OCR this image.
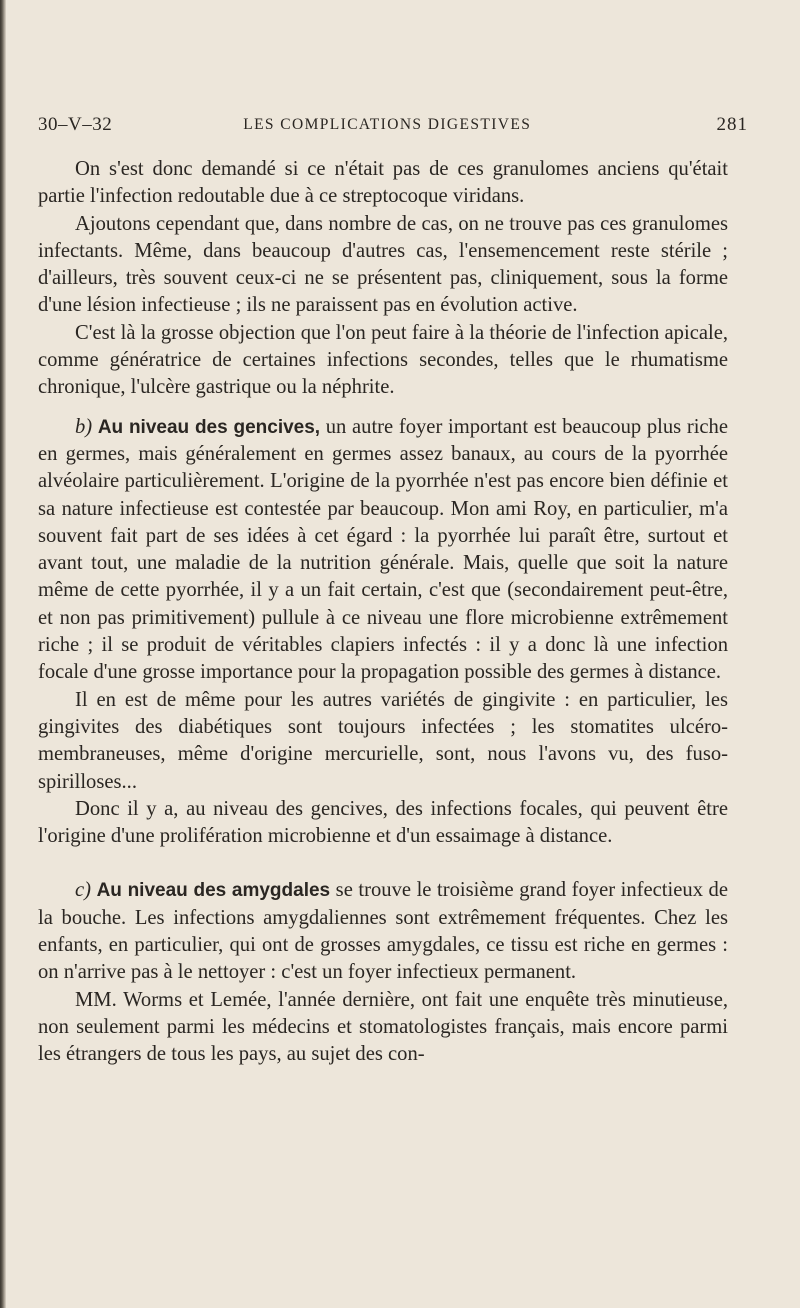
30–V–32	LES COMPLICATIONS DIGESTIVES	281

On s'est donc demandé si ce n'était pas de ces granulomes anciens qu'était partie l'infection redoutable due à ce streptocoque viridans.

Ajoutons cependant que, dans nombre de cas, on ne trouve pas ces granulomes infectants. Même, dans beaucoup d'autres cas, l'ensemencement reste stérile ; d'ailleurs, très souvent ceux-ci ne se présentent pas, cliniquement, sous la forme d'une lésion infectieuse ; ils ne paraissent pas en évolution active.

C'est là la grosse objection que l'on peut faire à la théorie de l'infection apicale, comme génératrice de certaines infections secondes, telles que le rhumatisme chronique, l'ulcère gastrique ou la néphrite.

b) Au niveau des gencives, un autre foyer important est beaucoup plus riche en germes, mais généralement en germes assez banaux, au cours de la pyorrhée alvéolaire particulièrement. L'origine de la pyorrhée n'est pas encore bien définie et sa nature infectieuse est contestée par beaucoup. Mon ami Roy, en particulier, m'a souvent fait part de ses idées à cet égard : la pyorrhée lui paraît être, surtout et avant tout, une maladie de la nutrition générale. Mais, quelle que soit la nature même de cette pyorrhée, il y a un fait certain, c'est que (secondairement peut-être, et non pas primitivement) pullule à ce niveau une flore microbienne extrêmement riche ; il se produit de véritables clapiers infectés : il y a donc là une infection focale d'une grosse importance pour la propagation possible des germes à distance.

Il en est de même pour les autres variétés de gingivite : en particulier, les gingivites des diabétiques sont toujours infectées ; les stomatites ulcéro-membraneuses, même d'origine mercurielle, sont, nous l'avons vu, des fuso-spirilloses...

Donc il y a, au niveau des gencives, des infections focales, qui peuvent être l'origine d'une prolifération microbienne et d'un essaimage à distance.

c) Au niveau des amygdales se trouve le troisième grand foyer infectieux de la bouche. Les infections amygdaliennes sont extrêmement fréquentes. Chez les enfants, en particulier, qui ont de grosses amygdales, ce tissu est riche en germes : on n'arrive pas à le nettoyer : c'est un foyer infectieux permanent.

MM. Worms et Lemée, l'année dernière, ont fait une enquête très minutieuse, non seulement parmi les médecins et stomatologistes français, mais encore parmi les étrangers de tous les pays, au sujet des con-
